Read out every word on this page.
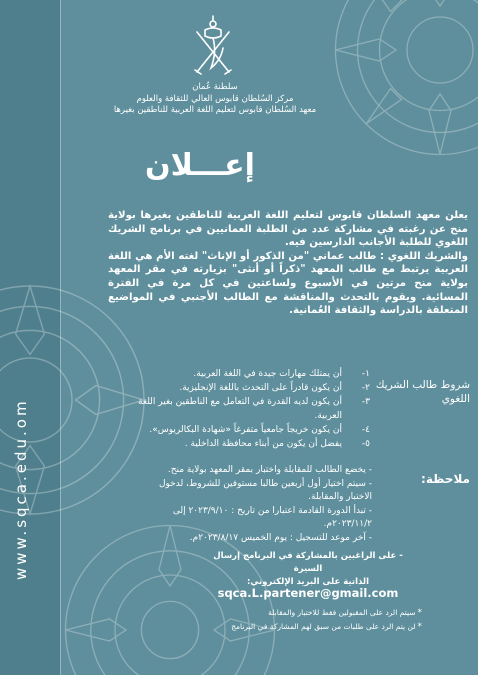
www.sqca.edu.om
سلطنة عُمان
مركز السُلطان قابوس العالي للثقافة والعلوم
معهد السُلطان قابوس لتعليم اللغة العربية للناطقين بغيرها
إعـــلان

يعلن معهد السلطان قابوس لتعليم اللغة العربية للناطقين بغيرها بولاية منح عن رغبته في مشاركة عدد من الطلبة العمانيين في برنامج الشريك اللغوي للطلبة الأجانب الدارسين فيه.

والشريك اللغوي : طالب عماني "من الذكور أو الإناث" لغته الأم هي اللغة العربية يرتبط مع طالب المعهد "ذكراً أو أنثى" بزيارته في مقر المعهد بولاية منح مرتين في الأسبوع ولساعتين في كل مرة في الفترة المسائية. ويقوم بالتحدث والمناقشة مع الطالب الأجنبي في المواضيع المتعلقة بالدراسة والثقافة العُمانية.

شروط طالب الشريك اللغوي
١-
أن يمتلك مهارات جيدة في اللغة العربية.
٢-
أن يكون قادراً على التحدث باللغة الإنجليزية.
٣-
أن يكون لديه القدرة في التعامل مع الناطقين بغير اللغة العربية.
٤-
أن يكون خريجاً جامعياً متفرغاً «شهادة البكالريوس».
٥-
يفضل أن يكون من أبناء محافظة الداخلية .
ملاحظة:
- يخضع الطالب للمقابلة واختبار بمقر المعهد بولاية منح.
- سيتم اختيار أول أربعين طالبا مستوفين للشروط، لدخول الاختبار والمقابلة.
- تبدأ الدورة القادمة اعتبارا من تاريخ : ٢٠٢٣/٩/١٠ إلى ٢٠٢٣/١١/٢م.
- آخر موعد للتسجيل : يوم الخميس ٢٠٢٣/٨/١٧م.
- على الراغبين بالمشاركة في البرنامج إرسال السيرة
الذاتية على البريد الإلكتروني:
sqca.L.partener@gmail.com
*سيتم الرد على المقبولين فقط للاختبار والمقابلة
*لن يتم الرد على طلبات من سبق لهم المشاركة في البرنامج
